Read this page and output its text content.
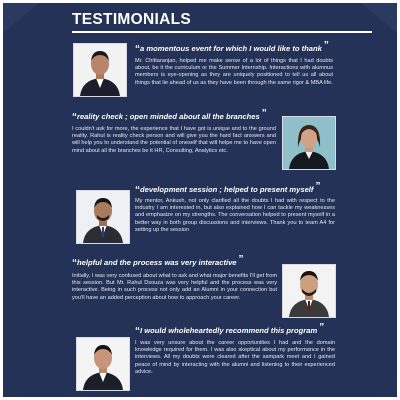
TESTIMONIALS

“a momentous event for which I would like to thank ”

Mr. Chittaranjan, helped me make sense of a lot of things that I had doubts about, be it the curriculum or the Summer Internship. Interactions with alumnus members is eye-opening as they are uniquely positioned to tell us all about things that lie ahead of us as they have been through the same rigor & MBA life.

“reality check ; open minded about all the branches ”

I couldn't ask for more, the experience that I have got is unique and to the ground reality. Rahul is reality check person and will give you the hard fact answers and will help you to understand the potential of oneself that will helpe me to have open mind about all the branches be it HR, Consulting, Analytics etc.

“development session ; helped to present myself ”

My mentor, Ankush, not only clarified all the doubts I had with respect to the industry I am interested in, but also explained how I can tackle my weaknesses and emphasize on my strengths. The conversation helped to present myself in a better way in both group discussions and interviews. Thank you to team A4 for setting up the session

“helpful and the process was very interactive ”

Initially, I was very confused about what to ask and what major benefits I'll get from this session. But Mr. Rahul Dsouza was very helpful and the process was very interactive. Being in such process not only add an Alumni in your connection but you'll have an added perception about how to approach your career.

“I would wholeheartedly recommend this program ”

I was very unsure about the career opportunities I had and the domain knowledge required for them. I was also skeptical about my performance in the interviews. All my doubts were cleared after the sampark meet and I gained peace of mind by interacting with the alumni and listening to their experienced advice.
